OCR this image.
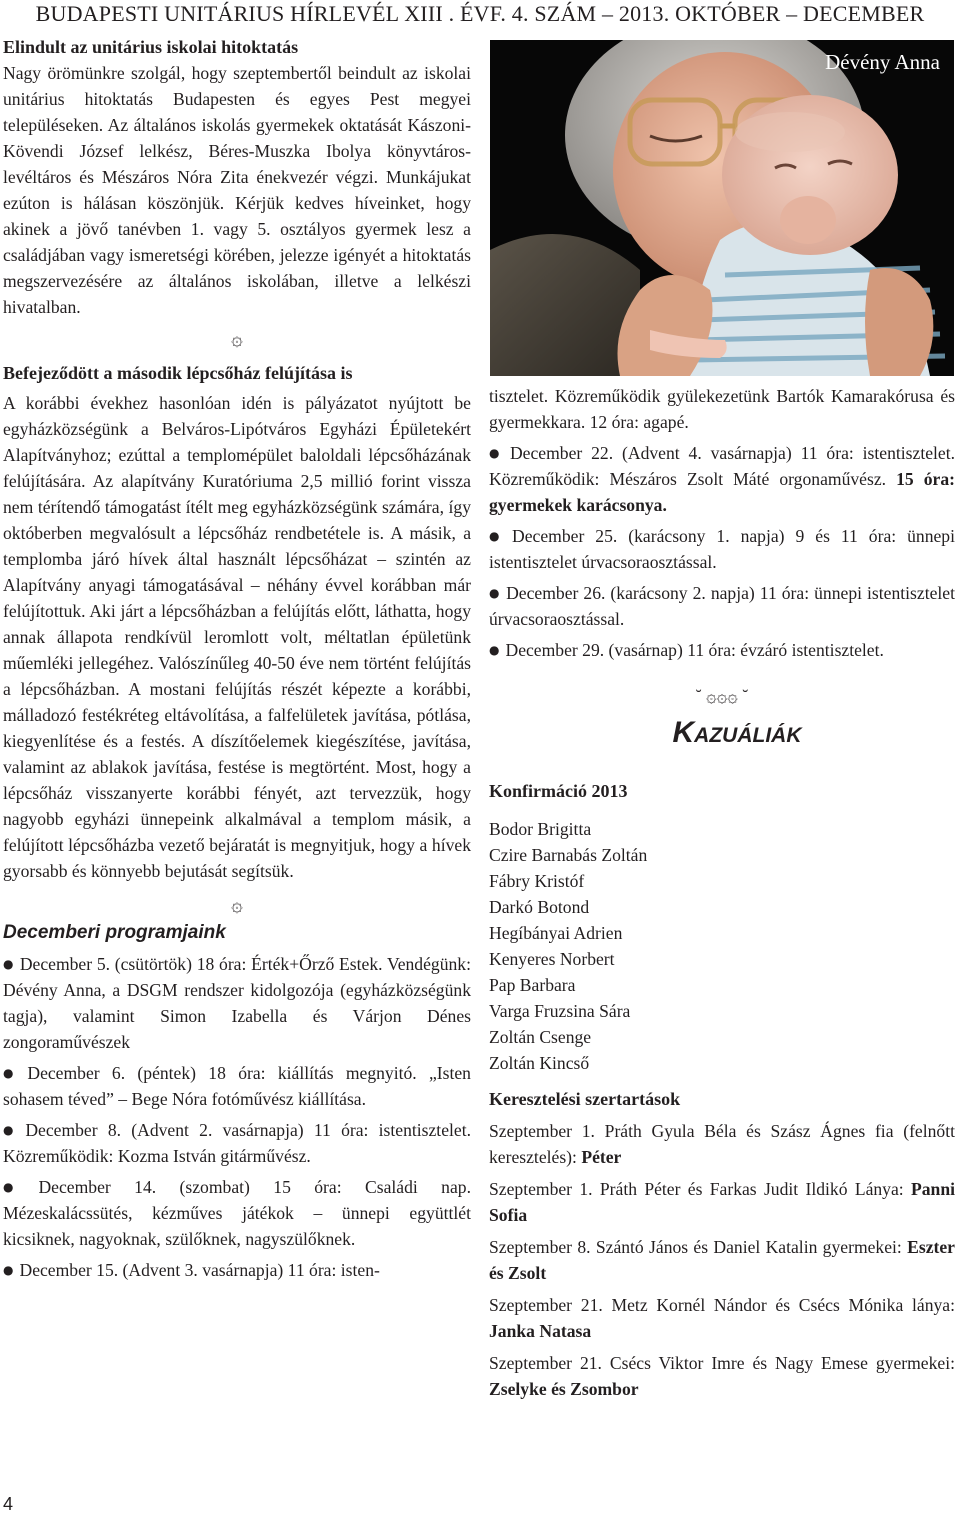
BUDAPESTI UNITÁRIUS HÍRLEVÉL XIII . ÉVF. 4. SZÁM – 2013. OKTÓBER – DECEMBER
Elindult az unitárius iskolai hitoktatás

Nagy örömünkre szolgál, hogy szeptembertől beindult az iskolai unitárius hitoktatás Budapesten és egyes Pest megyei településeken. Az általános iskolás gyermekek oktatását Kászoni-Kövendi József lelkész, Béres-Muszka Ibolya könyvtáros-levéltáros és Mészáros Nóra Zita énekvezér végzi. Munkájukat ezúton is hálásan köszönjük. Kérjük kedves híveinket, hogy akinek a jövő tanévben 1. vagy 5. osztályos gyermek lesz a családjában vagy ismeretségi körében, jelezze igényét a hitoktatás megszervezésére az általános iskolában, illetve a lelkészi hivatalban.

۞
Befejeződött a második lépcsőház felújítása is

A korábbi évekhez hasonlóan idén is pályázatot nyújtott be egyházközségünk a Belváros-Lipótváros Egyházi Épületekért Alapítványhoz; ezúttal a templomépület baloldali lépcsőházának felújítására. Az alapítvány Kuratóriuma 2,5 millió forint vissza nem térítendő támogatást ítélt meg egyházközségünk számára, így októberben megvalósult a lépcsőház rendbetétele is. A másik, a templomba járó hívek által használt lépcsőházat – szintén az Alapítvány anyagi támogatásával – néhány évvel korábban már felújítottuk. Aki járt a lépcsőházban a felújítás előtt, láthatta, hogy annak állapota rendkívül leromlott volt, méltatlan épületünk műemléki jellegéhez. Valószínűleg 40-50 éve nem történt felújítás a lépcsőházban. A mostani felújítás részét képezte a korábbi, málladozó festékréteg eltávolítása, a falfelületek javítása, pótlása, kiegyenlítése és a festés. A díszítőelemek kiegészítése, javítása, valamint az ablakok javítása, festése is megtörtént. Most, hogy a lépcsőház visszanyerte korábbi fényét, azt tervezzük, hogy nagyobb egyházi ünnepeink alkalmával a templom másik, a felújított lépcsőházba vezető bejáratát is megnyitjuk, hogy a hívek gyorsabb és könnyebb bejutását segítsük.

۞
Decemberi programjaink
● December 5. (csütörtök) 18 óra: Érték+Őrző Estek. Vendégünk: Dévény Anna, a DSGM rendszer kidolgozója (egyházközségünk tagja), valamint Simon Izabella és Várjon Dénes zongoraművészek
● December 6. (péntek) 18 óra: kiállítás megnyitó. „Isten sohasem téved” – Bege Nóra fotóművész kiállítása.
● December 8. (Advent 2. vasárnapja) 11 óra: istentisztelet. Közreműködik: Kozma István gitárművész.
● December 14. (szombat) 15 óra: Családi nap. Mézeskalácssütés, kézműves játékok – ünnepi együttlét kicsiknek, nagyoknak, szülőknek, nagyszülőknek.
● December 15. (Advent 3. vasárnapja) 11 óra: isten-
Dévény Anna

tisztelet. Közreműködik gyülekezetünk Bartók Kamarakórusa és gyermekkara. 12 óra: agapé.

● December 22. (Advent 4. vasárnapja) 11 óra: istentisztelet. Közreműködik: Mészáros Zsolt Máté orgonaművész. 15 óra: gyermekek karácsonya.
● December 25. (karácsony 1. napja) 9 és 11 óra: ünnepi istentisztelet úrvacsoraosztással.
● December 26. (karácsony 2. napja) 11 óra: ünnepi istentisztelet úrvacsoraosztással.
● December 29. (vasárnap) 11 óra: évzáró istentisztelet.
˘ ۞۞۞ ˘
KAZUÁLIÁK
Konfirmáció 2013
Bodor Brigitta
Czire Barnabás Zoltán
Fábry Kristóf
Darkó Botond
Hegíbányai Adrien
Kenyeres Norbert
Pap Barbara
Varga Fruzsina Sára
Zoltán Csenge
Zoltán Kincső
Keresztelési szertartások

Szeptember 1. Práth Gyula Béla és Szász Ágnes fia (felnőtt keresztelés): Péter

Szeptember 1. Práth Péter és Farkas Judit Ildikó Lánya: Panni Sofia

Szeptember 8. Szántó János és Daniel Katalin gyermekei: Eszter és Zsolt

Szeptember 21. Metz Kornél Nándor és Csécs Mónika lánya: Janka Natasa

Szeptember 21. Csécs Viktor Imre és Nagy Emese gyermekei: Zselyke és Zsombor

4
